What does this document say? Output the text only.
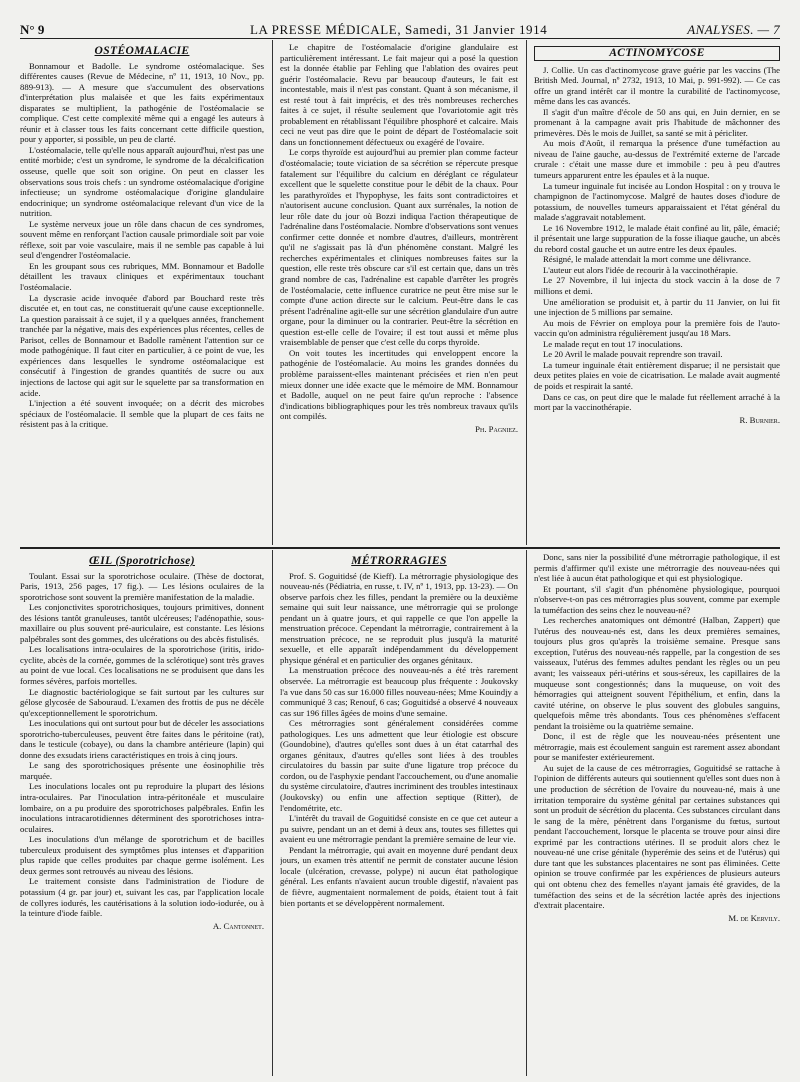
N° 9	LA PRESSE MÉDICALE, Samedi, 31 Janvier 1914	ANALYSES. — 7
OSTÉOMALACIE

Bonnamour et Badolle. Le syndrome ostéomalacique. Ses différentes causes (Revue de Médecine, nº 11, 1913, 10 Nov., pp. 889-913). — A mesure que s'accumulent des observations d'interprétation plus malaisée et que les faits expérimentaux disparates se multiplient, la pathogénie de l'ostéomalacie se complique. C'est cette complexité même qui a engagé les auteurs à réunir et à classer tous les faits concernant cette difficile question, pour y apporter, si possible, un peu de clarté.

L'ostéomalacie, telle qu'elle nous apparaît aujourd'hui, n'est pas une entité morbide; c'est un syndrome, le syndrome de la décalcification osseuse, quelle que soit son origine. On peut en classer les observations sous trois chefs : un syndrome ostéomalacique d'origine infectieuse; un syndrome ostéomalacique d'origine glandulaire endocrinique; un syndrome ostéomalacique relevant d'un vice de la nutrition.

Le système nerveux joue un rôle dans chacun de ces syndromes, souvent même en renforçant l'action causale primordiale soit par voie réflexe, soit par voie vasculaire, mais il ne semble pas capable à lui seul d'engendrer l'ostéomalacie.

En les groupant sous ces rubriques, MM. Bonnamour et Badolle détaillent les travaux cliniques et expérimentaux touchant l'ostéomalacie.

La dyscrasie acide invoquée d'abord par Bouchard reste très discutée et, en tout cas, ne constituerait qu'une cause exceptionnelle. La question paraissait à ce sujet, il y a quelques années, franchement tranchée par la négative, mais des expériences plus récentes, celles de Parisot, celles de Bonnamour et Badolle ramènent l'attention sur ce mode pathogénique. Il faut citer en particulier, à ce point de vue, les expériences dans lesquelles le syndrome ostéomalacique est consécutif à l'ingestion de grandes quantités de sucre ou aux injections de lactose qui agit sur le squelette par sa transformation en acide.

L'injection a été souvent invoquée; on a décrit des microbes spéciaux de l'ostéomalacie. Il semble que la plupart de ces faits ne résistent pas à la critique.

Le chapitre de l'ostéomalacie d'origine glandulaire est particulièrement intéressant. Le fait majeur qui a posé la question est la donnée établie par Fehling que l'ablation des ovaires peut guérir l'ostéomalacie. Revu par beaucoup d'auteurs, le fait est incontestable, mais il n'est pas constant. Quant à son mécanisme, il est resté tout à fait imprécis, et des très nombreuses recherches faites à ce sujet, il résulte seulement que l'ovariotomie agit très probablement en rétablissant l'équilibre phosphoré et calcaire. Mais ceci ne veut pas dire que le point de départ de l'ostéomalacie soit dans un fonctionnement défectueux ou exagéré de l'ovaire.

Le corps thyroïde est aujourd'hui au premier plan comme facteur d'ostéomalacie; toute viciation de sa sécrétion se répercute presque fatalement sur l'équilibre du calcium en déréglant ce régulateur excellent que le squelette constitue pour le débit de la chaux. Pour les parathyroïdes et l'hypophyse, les faits sont contradictoires et n'autorisent aucune conclusion. Quant aux surrénales, la notion de leur rôle date du jour où Bozzi indiqua l'action thérapeutique de l'adrénaline dans l'ostéomalacie. Nombre d'observations sont venues confirmer cette donnée et nombre d'autres, d'ailleurs, montrèrent qu'il ne s'agissait pas là d'un phénomène constant. Malgré les recherches expérimentales et cliniques nombreuses faites sur la question, elle reste très obscure car s'il est certain que, dans un très grand nombre de cas, l'adrénaline est capable d'arrêter les progrès de l'ostéomalacie, cette influence curatrice ne peut être mise sur le compte d'une action directe sur le calcium. Peut-être dans le cas présent l'adrénaline agit-elle sur une sécrétion glandulaire d'un autre organe, pour la diminuer ou la contrarier. Peut-être la sécrétion en question est-elle celle de l'ovaire; il est tout aussi et même plus vraisemblable de penser que c'est celle du corps thyroïde.

On voit toutes les incertitudes qui enveloppent encore la pathogénie de l'ostéomalacie. Au moins les grandes données du problème paraissent-elles maintenant précisées et rien n'en peut mieux donner une idée exacte que le mémoire de MM. Bonnamour et Badolle, auquel on ne peut faire qu'un reproche : l'absence d'indications bibliographiques pour les très nombreux travaux qu'ils ont compilés.

Ph. Pagniez.

ACTINOMYCOSE

J. Collie. Un cas d'actinomycose grave guérie par les vaccins (The British Med. Journal, nº 2732, 1913, 10 Mai, p. 991-992). — Ce cas offre un grand intérêt car il montre la curabilité de l'actinomycose, même dans les cas avancés.

Il s'agit d'un maître d'école de 50 ans qui, en Juin dernier, en se promenant à la campagne avait pris l'habitude de mâchonner des primevères. Dès le mois de Juillet, sa santé se mit à péricliter.

Au mois d'Août, il remarqua la présence d'une tuméfaction au niveau de l'aine gauche, au-dessus de l'extrémité externe de l'arcade crurale : c'était une masse dure et immobile : peu à peu d'autres tumeurs apparurent entre les épaules et à la nuque.

La tumeur inguinale fut incisée au London Hospital : on y trouva le champignon de l'actinomycose. Malgré de hautes doses d'iodure de potassium, de nouvelles tumeurs apparaissaient et l'état général du malade s'aggravait notablement.

Le 16 Novembre 1912, le malade était confiné au lit, pâle, émacié; il présentait une large suppuration de la fosse iliaque gauche, un abcès du rebord costal gauche et un autre entre les deux épaules.

Résigné, le malade attendait la mort comme une délivrance.

L'auteur eut alors l'idée de recourir à la vaccinothérapie.

Le 27 Novembre, il lui injecta du stock vaccin à la dose de 7 millions et demi.

Une amélioration se produisit et, à partir du 11 Janvier, on lui fit une injection de 5 millions par semaine.

Au mois de Février on employa pour la première fois de l'auto-vaccin qu'on administra régulièrement jusqu'au 18 Mars.

Le malade reçut en tout 17 inoculations.

Le 20 Avril le malade pouvait reprendre son travail.

La tumeur inguinale était entièrement disparue; il ne persistait que deux petites plaies en voie de cicatrisation. Le malade avait augmenté de poids et respirait la santé.

Dans ce cas, on peut dire que le malade fut réellement arraché à la mort par la vaccinothérapie.

R. Burnier.

ŒIL (Sporotrichose)

Toulant. Essai sur la sporotrichose oculaire. (Thèse de doctorat, Paris, 1913, 256 pages, 17 fig.). — Les lésions oculaires de la sporotrichose sont souvent la première manifestation de la maladie.

Les conjonctivites sporotrichosiques, toujours primitives, donnent des lésions tantôt granuleuses, tantôt ulcéreuses; l'adénopathie, sous-maxillaire ou plus souvent pré-auriculaire, est constante. Les lésions palpébrales sont des gommes, des ulcérations ou des abcès fistulisés.

Les localisations intra-oculaires de la sporotrichose (iritis, irido-cyclite, abcès de la cornée, gommes de la sclérotique) sont très graves au point de vue local. Ces localisations ne se produisent que dans les formes sévères, parfois mortelles.

Le diagnostic bactériologique se fait surtout par les cultures sur gélose glycosée de Sabouraud. L'examen des frottis de pus ne décèle qu'exceptionnellement le sporotrichum.

Les inoculations qui ont surtout pour but de déceler les associations sporotricho-tuberculeuses, peuvent être faites dans le péritoine (rat), dans le testicule (cobaye), ou dans la chambre antérieure (lapin) qui donne des exsudats iriens caractéristiques en trois à cinq jours.

Le sang des sporotrichosiques présente une éosinophilie très marquée.

Les inoculations locales ont pu reproduire la plupart des lésions intra-oculaires. Par l'inoculation intra-péritonéale et musculaire lombaire, on a pu produire des sporotrichoses palpébrales. Enfin les inoculations intracarotidiennes déterminent des sporotrichoses intra-oculaires.

Les inoculations d'un mélange de sporotrichum et de bacilles tuberculeux produisent des symptômes plus intenses et d'apparition plus rapide que celles produites par chaque germe isolément. Les deux germes sont retrouvés au niveau des lésions.

Le traitement consiste dans l'administration de l'iodure de potassium (4 gr. par jour) et, suivant les cas, par l'application locale de collyres iodurés, les cautérisations à la solution iodo-iodurée, ou à la teinture d'iode faible.

A. Cantonnet.

MÉTRORRAGIES

Prof. S. Goguitidsé (de Kieff). La métrorragie physiologique des nouveau-nés (Pédiatria, en russe, t. IV, nº 1, 1913, pp. 13-23). — On observe parfois chez les filles, pendant la première ou la deuxième semaine qui suit leur naissance, une métrorragie qui se prolonge pendant un à quatre jours, et qui rappelle ce que l'on appelle la menstruation précoce. Cependant la métrorragie, contrairement à la menstruation précoce, ne se reproduit plus jusqu'à la maturité sexuelle, et elle apparaît indépendamment du développement physique général et en particulier des organes génitaux.

La menstruation précoce des nouveau-nés a été très rarement observée. La métrorragie est beaucoup plus fréquente : Joukovsky l'a vue dans 50 cas sur 16.000 filles nouveau-nées; Mme Kouindjy a communiqué 3 cas; Renouf, 6 cas; Goguitidsé a observé 4 nouveaux cas sur 196 filles âgées de moins d'une semaine.

Ces métrorragies sont généralement considérées comme pathologiques. Les uns admettent que leur étiologie est obscure (Goundobine), d'autres qu'elles sont dues à un état catarrhal des organes génitaux, d'autres qu'elles sont liées à des troubles circulatoires du bassin par suite d'une ligature trop précoce du cordon, ou de l'asphyxie pendant l'accouchement, ou d'une anomalie du système circulatoire, d'autres incriminent des troubles intestinaux (Joukovsky) ou enfin une affection septique (Ritter), de l'endométrite, etc.

L'intérêt du travail de Goguitidsé consiste en ce que cet auteur a pu suivre, pendant un an et demi à deux ans, toutes ses fillettes qui avaient eu une métrorragie pendant la première semaine de leur vie.

Pendant la métrorragie, qui avait en moyenne duré pendant deux jours, un examen très attentif ne permit de constater aucune lésion locale (ulcération, crevasse, polype) ni aucun état pathologique général. Les enfants n'avaient aucun trouble digestif, n'avaient pas de fièvre, augmentaient normalement de poids, étaient tout à fait bien portants et se développèrent normalement.

Donc, sans nier la possibilité d'une métrorragie pathologique, il est permis d'affirmer qu'il existe une métrorragie des nouveau-nées qui n'est liée à aucun état pathologique et qui est physiologique.

Et pourtant, s'il s'agit d'un phénomène physiologique, pourquoi n'observe-t-on pas ces métrorragies plus souvent, comme par exemple la tuméfaction des seins chez le nouveau-né?

Les recherches anatomiques ont démontré (Halban, Zappert) que l'utérus des nouveau-nés est, dans les deux premières semaines, toujours plus gros qu'après la troisième semaine. Presque sans exception, l'utérus des nouveau-nés rappelle, par la congestion de ses vaisseaux, l'utérus des femmes adultes pendant les règles ou un peu avant; les vaisseaux péri-utérins et sous-séreux, les capillaires de la muqueuse sont congestionnés; dans la muqueuse, on voit des hémorragies qui atteignent souvent l'épithélium, et enfin, dans la cavité utérine, on observe le plus souvent des globules sanguins, quelquefois même très abondants. Tous ces phénomènes s'effacent pendant la troisième ou la quatrième semaine.

Donc, il est de règle que les nouveau-nées présentent une métrorragie, mais est écoulement sanguin est rarement assez abondant pour se manifester extérieurement.

Au sujet de la cause de ces métrorragies, Goguitidsé se rattache à l'opinion de différents auteurs qui soutiennent qu'elles sont dues non à une production de sécrétion de l'ovaire du nouveau-né, mais à une irritation temporaire du système génital par certaines substances qui sont un produit de sécrétion du placenta. Ces substances circulant dans le sang de la mère, pénètrent dans l'organisme du fœtus, surtout pendant l'accouchement, lorsque le placenta se trouve pour ainsi dire exprimé par les contractions utérines. Il se produit alors chez le nouveau-né une crise génitale (hyperémie des seins et de l'utérus) qui dure tant que les substances placentaires ne sont pas éliminées. Cette opinion se trouve confirmée par les expériences de plusieurs auteurs qui ont obtenu chez des femelles n'ayant jamais été gravides, de la tuméfaction des seins et de la sécrétion lactée après des injections d'extrait placentaire.

M. de Kervily.
